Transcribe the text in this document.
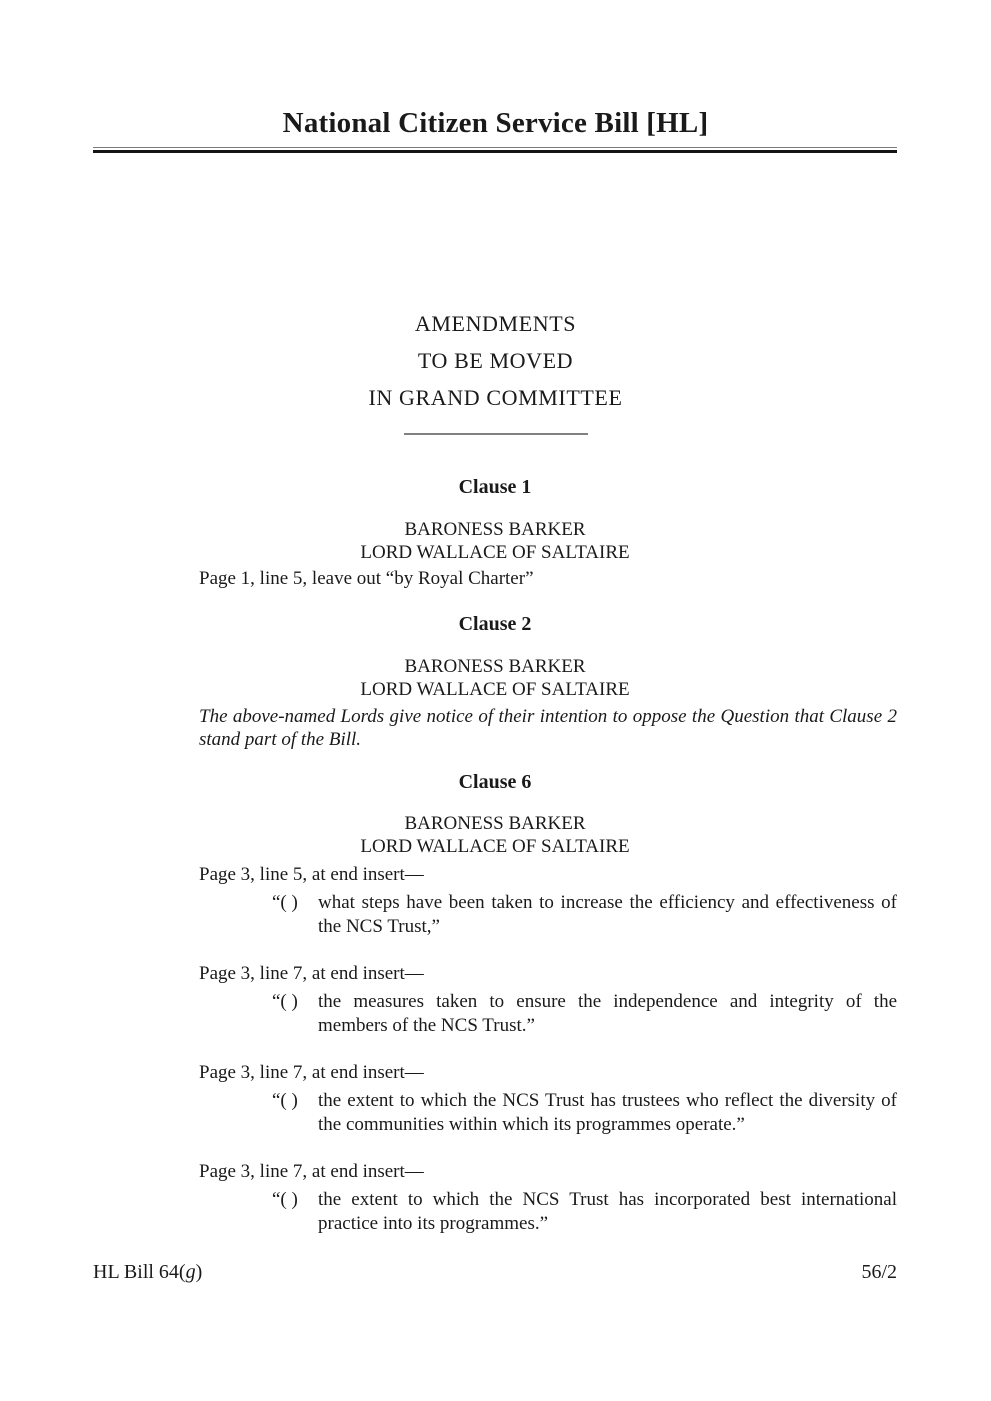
National Citizen Service Bill [HL]
AMENDMENTS
TO BE MOVED
IN GRAND COMMITTEE
Clause 1
BARONESS BARKER
LORD WALLACE OF SALTAIRE
Page 1, line 5, leave out “by Royal Charter”
Clause 2
BARONESS BARKER
LORD WALLACE OF SALTAIRE
The above-named Lords give notice of their intention to oppose the Question that Clause 2 stand part of the Bill.
Clause 6
BARONESS BARKER
LORD WALLACE OF SALTAIRE
Page 3, line 5, at end insert—
“( )	what steps have been taken to increase the efficiency and effectiveness of the NCS Trust,”
Page 3, line 7, at end insert—
“( )	the measures taken to ensure the independence and integrity of the members of the NCS Trust.”
Page 3, line 7, at end insert—
“( )	the extent to which the NCS Trust has trustees who reflect the diversity of the communities within which its programmes operate.”
Page 3, line 7, at end insert—
“( )	the extent to which the NCS Trust has incorporated best international practice into its programmes.”
HL Bill 64(g)	56/2
